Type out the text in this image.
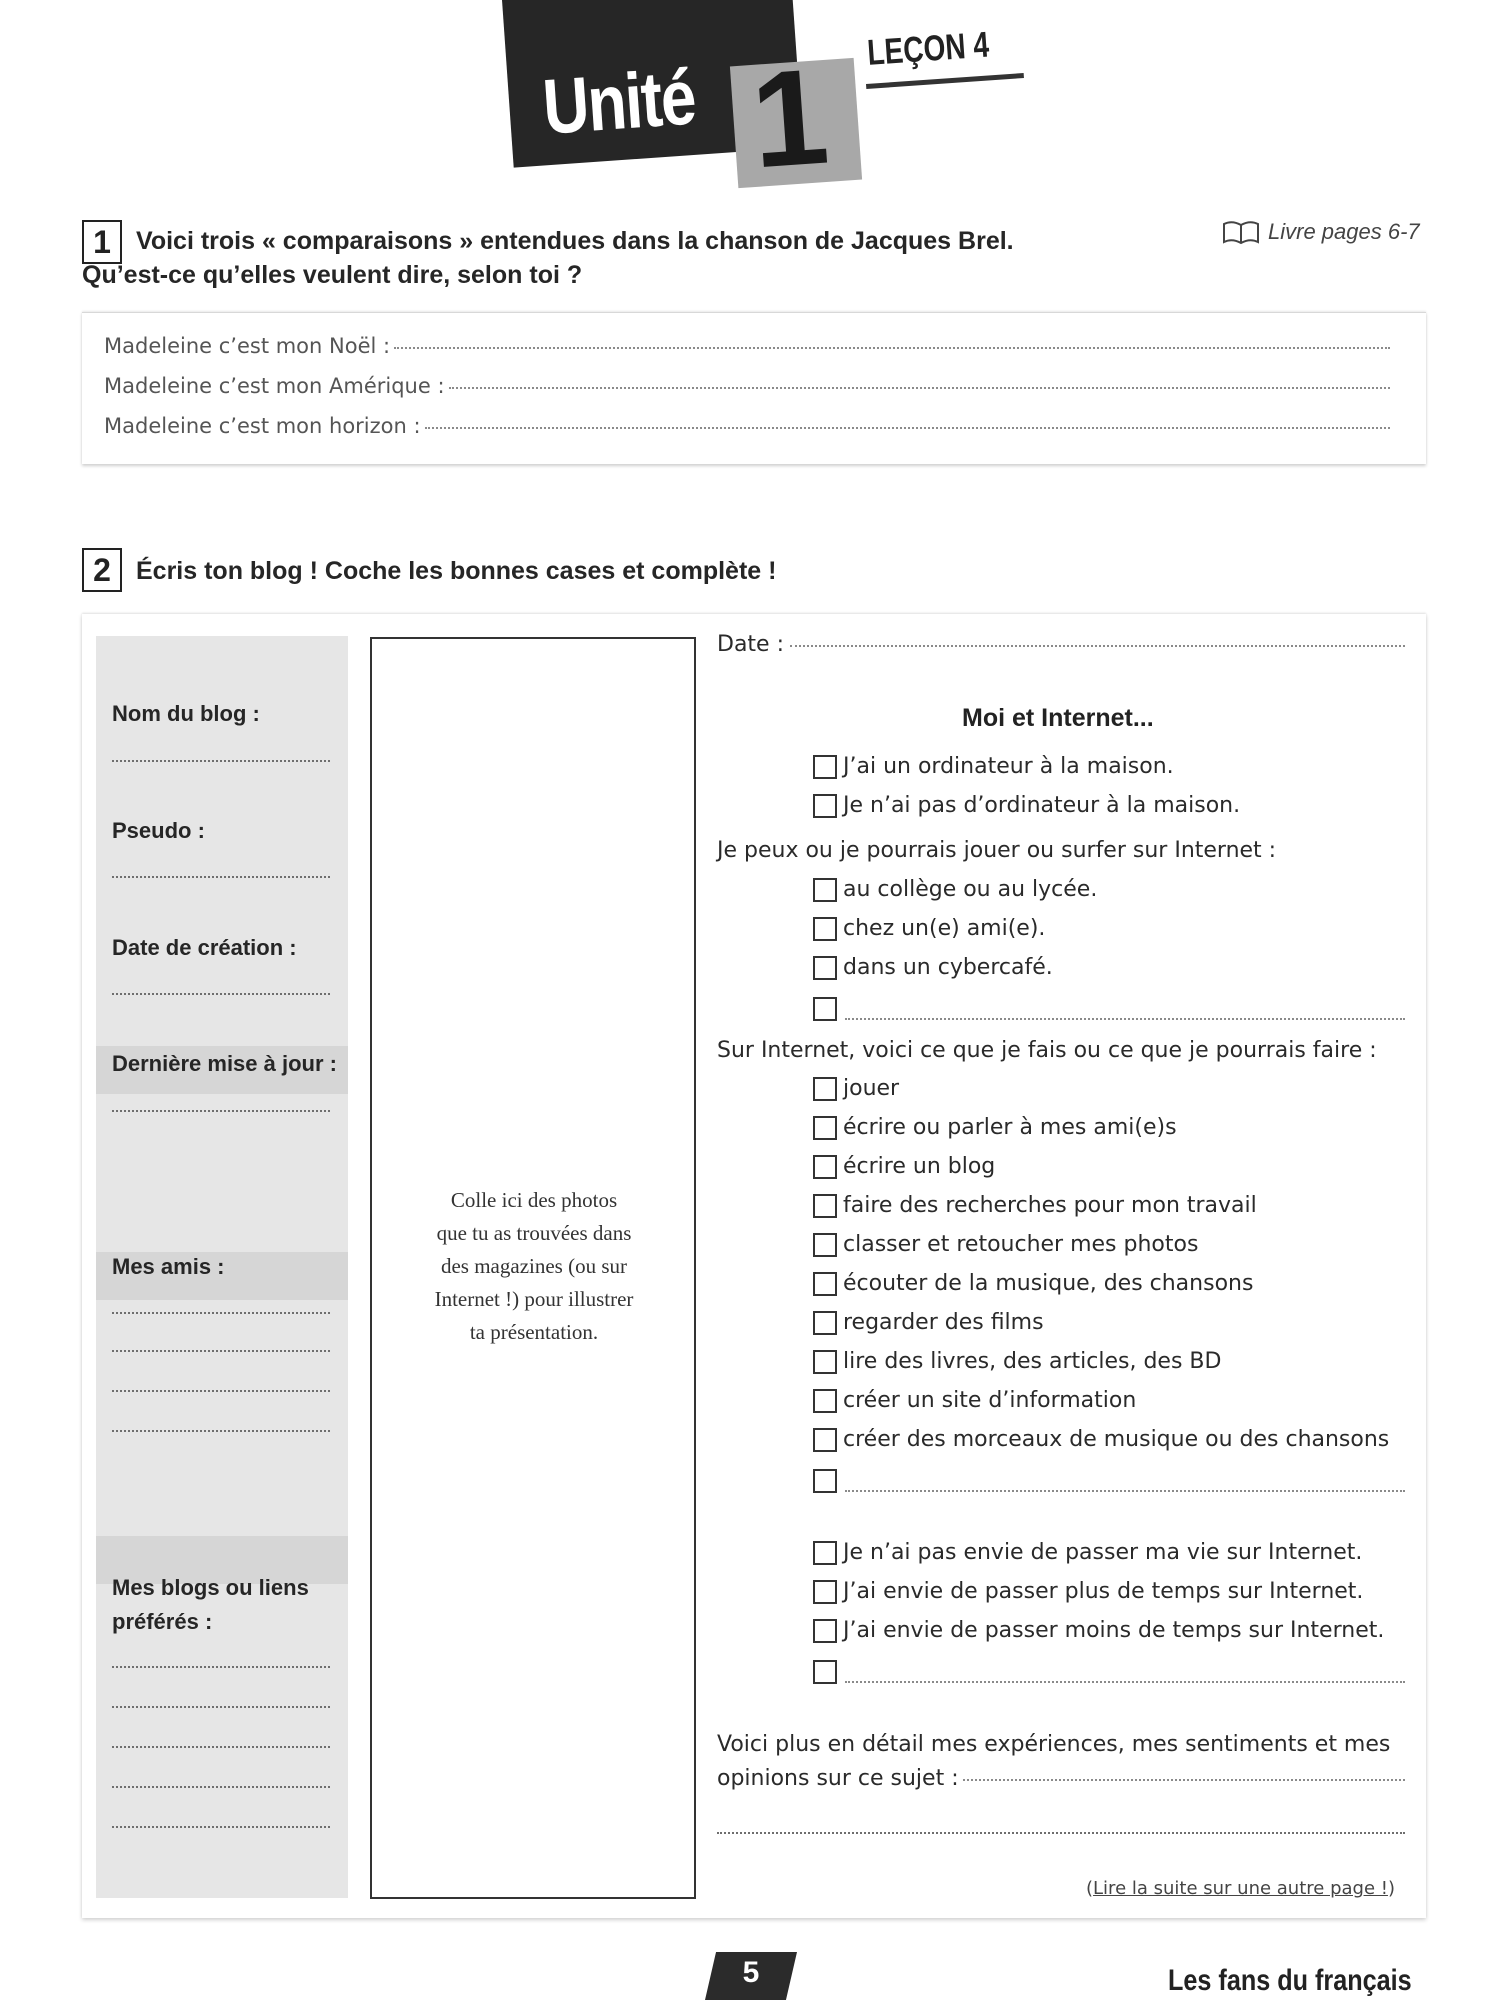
Unité 1 LEÇON 4
1	Voici trois « comparaisons » entendues dans la chanson de Jacques Brel.
Qu’est-ce qu’elles veulent dire, selon toi ?
Livre pages 6-7
Madeleine c’est mon Noël :
Madeleine c’est mon Amérique :
Madeleine c’est mon horizon :
2	Écris ton blog ! Coche les bonnes cases et complète !
Nom du blog :
Pseudo :
Date de création :
Dernière mise à jour :
Mes amis :
Mes blogs ou liens
préférés :
Colle ici des photos
que tu as trouvées dans
des magazines (ou sur
Internet !) pour illustrer
ta présentation.
Date :
Moi et Internet...
J’ai un ordinateur à la maison.
Je n’ai pas d’ordinateur à la maison.
Je peux ou je pourrais jouer ou surfer sur Internet :
au collège ou au lycée.
chez un(e) ami(e).
dans un cybercafé.
Sur Internet, voici ce que je fais ou ce que je pourrais faire :
jouer
écrire ou parler à mes ami(e)s
écrire un blog
faire des recherches pour mon travail
classer et retoucher mes photos
écouter de la musique, des chansons
regarder des films
lire des livres, des articles, des BD
créer un site d’information
créer des morceaux de musique ou des chansons
Je n’ai pas envie de passer ma vie sur Internet.
J’ai envie de passer plus de temps sur Internet.
J’ai envie de passer moins de temps sur Internet.
Voici plus en détail mes expériences, mes sentiments et mes
opinions sur ce sujet :
(Lire la suite sur une autre page !)
5	Les fans du français
